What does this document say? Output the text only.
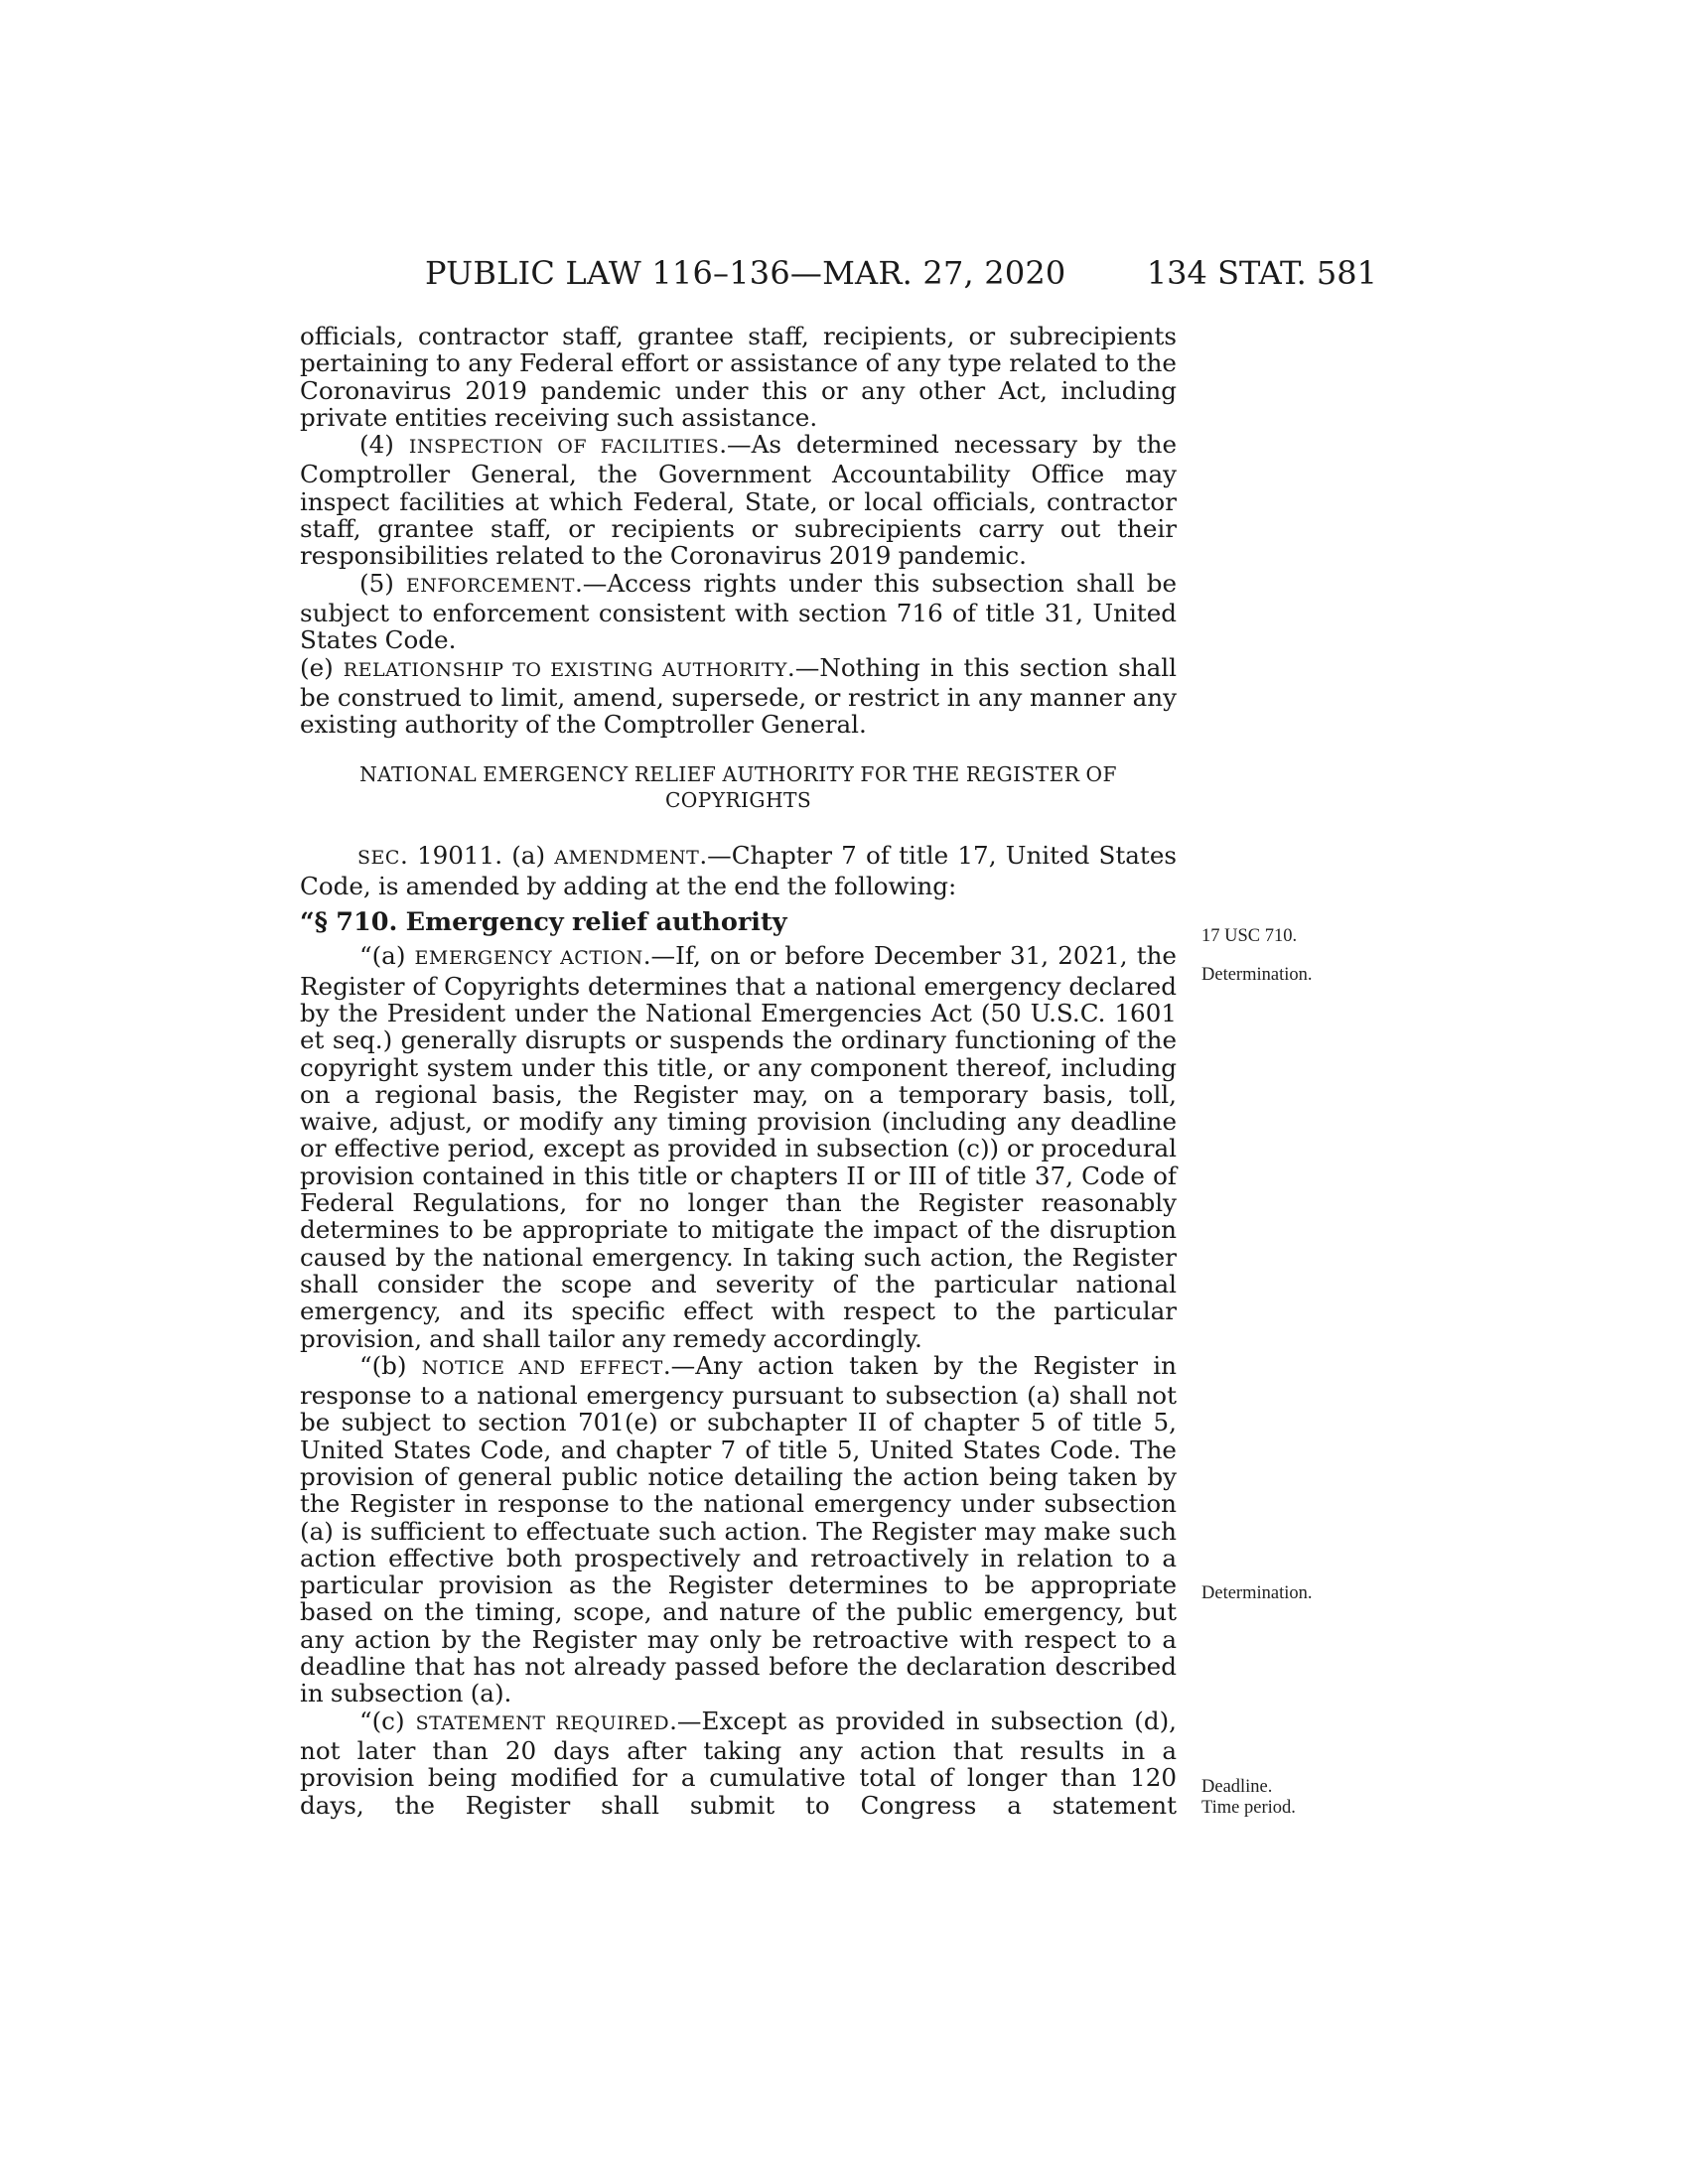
PUBLIC LAW 116–136—MAR. 27, 2020	134 STAT. 581

officials, contractor staff, grantee staff, recipients, or subrecipients pertaining to any Federal effort or assistance of any type related to the Coronavirus 2019 pandemic under this or any other Act, including private entities receiving such assistance.

(4) INSPECTION OF FACILITIES.—As determined necessary by the Comptroller General, the Government Accountability Office may inspect facilities at which Federal, State, or local officials, contractor staff, grantee staff, or recipients or subrecipients carry out their responsibilities related to the Coronavirus 2019 pandemic.

(5) ENFORCEMENT.—Access rights under this subsection shall be subject to enforcement consistent with section 716 of title 31, United States Code.

(e) RELATIONSHIP TO EXISTING AUTHORITY.—Nothing in this section shall be construed to limit, amend, supersede, or restrict in any manner any existing authority of the Comptroller General.

NATIONAL EMERGENCY RELIEF AUTHORITY FOR THE REGISTER OF COPYRIGHTS

SEC. 19011. (a) AMENDMENT.—Chapter 7 of title 17, United States Code, is amended by adding at the end the following:

“§ 710. Emergency relief authority

“(a) EMERGENCY ACTION.—If, on or before December 31, 2021, the Register of Copyrights determines that a national emergency declared by the President under the National Emergencies Act (50 U.S.C. 1601 et seq.) generally disrupts or suspends the ordinary functioning of the copyright system under this title, or any component thereof, including on a regional basis, the Register may, on a temporary basis, toll, waive, adjust, or modify any timing provision (including any deadline or effective period, except as provided in subsection (c)) or procedural provision contained in this title or chapters II or III of title 37, Code of Federal Regulations, for no longer than the Register reasonably determines to be appropriate to mitigate the impact of the disruption caused by the national emergency. In taking such action, the Register shall consider the scope and severity of the particular national emergency, and its specific effect with respect to the particular provision, and shall tailor any remedy accordingly.

“(b) NOTICE AND EFFECT.—Any action taken by the Register in response to a national emergency pursuant to subsection (a) shall not be subject to section 701(e) or subchapter II of chapter 5 of title 5, United States Code, and chapter 7 of title 5, United States Code. The provision of general public notice detailing the action being taken by the Register in response to the national emergency under subsection (a) is sufficient to effectuate such action. The Register may make such action effective both prospectively and retroactively in relation to a particular provision as the Register determines to be appropriate based on the timing, scope, and nature of the public emergency, but any action by the Register may only be retroactive with respect to a deadline that has not already passed before the declaration described in subsection (a).

“(c) STATEMENT REQUIRED.—Except as provided in subsection (d), not later than 20 days after taking any action that results in a provision being modified for a cumulative total of longer than 120 days, the Register shall submit to Congress a statement

17 USC 710.
Determination.
Determination.
Deadline.
Time period.
